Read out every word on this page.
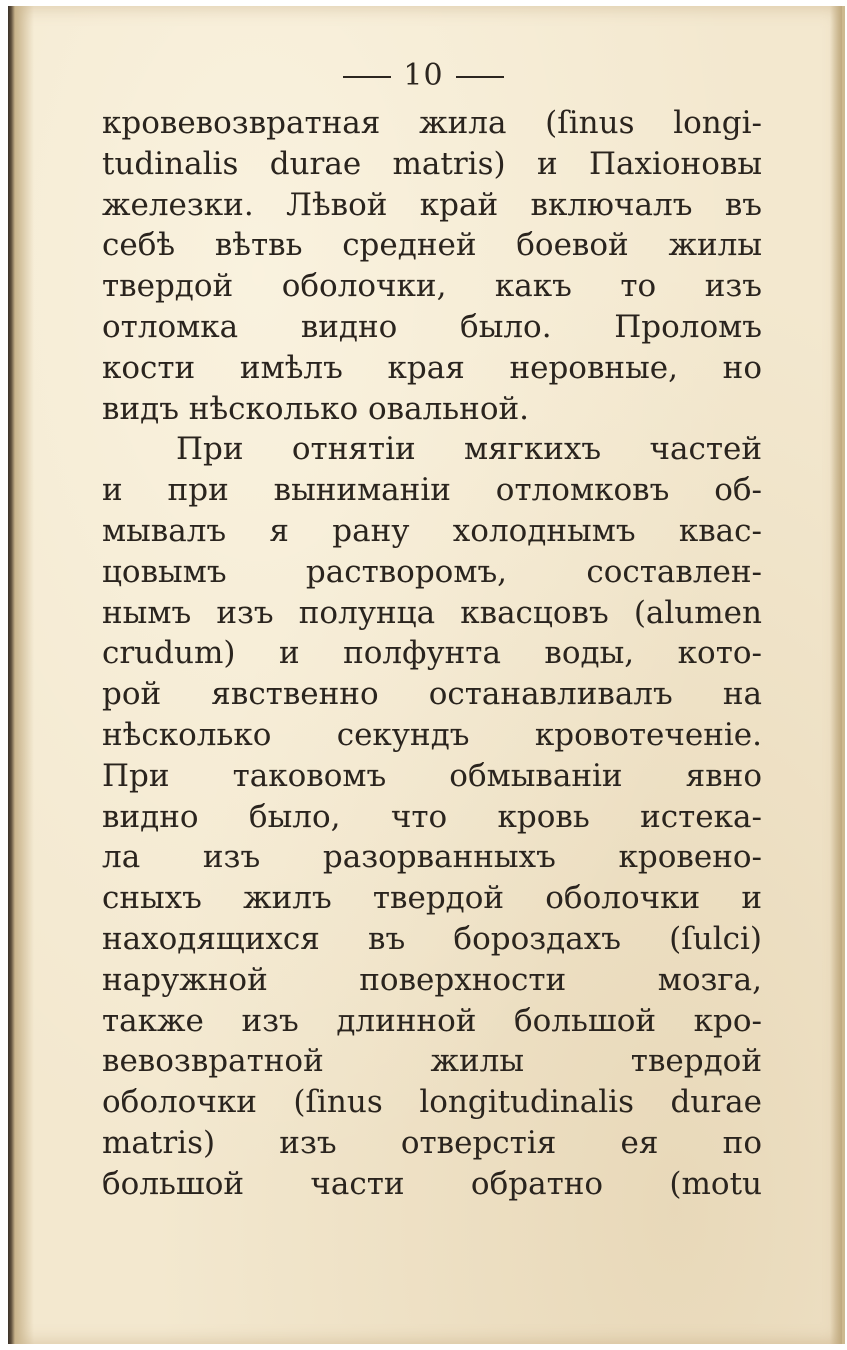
10
кровевозвратная жила (ſinus longi-
tudinalis durae matris) и Пахіоновы
железки. Лѣвой край включалъ въ
себѣ вѣтвь средней боевой жилы
твердой оболочки, какъ то изъ
отломка видно было. Проломъ
кости имѣлъ края неровные, но
видъ нѣсколько овальной.
При отнятіи мягкихъ частей
и при выниманіи отломковъ об-
мывалъ я рану холоднымъ квас-
цовымъ растворомъ, составлен-
нымъ изъ полунца квасцовъ (alumen
crudum) и полфунта воды, кото-
рой явственно останавливалъ на
нѣсколько секундъ кровотеченіе.
При таковомъ обмываніи явно
видно было, что кровь истека-
ла изъ разорванныхъ кровено-
сныхъ жилъ твердой оболочки и
находящихся въ бороздахъ (ſulci)
наружной поверхности мозга,
также изъ длинной большой кро-
вевозвратной жилы твердой
оболочки (ſinus longitudinalis durae
matris) изъ отверстія ея по
большой части обратно (motu
